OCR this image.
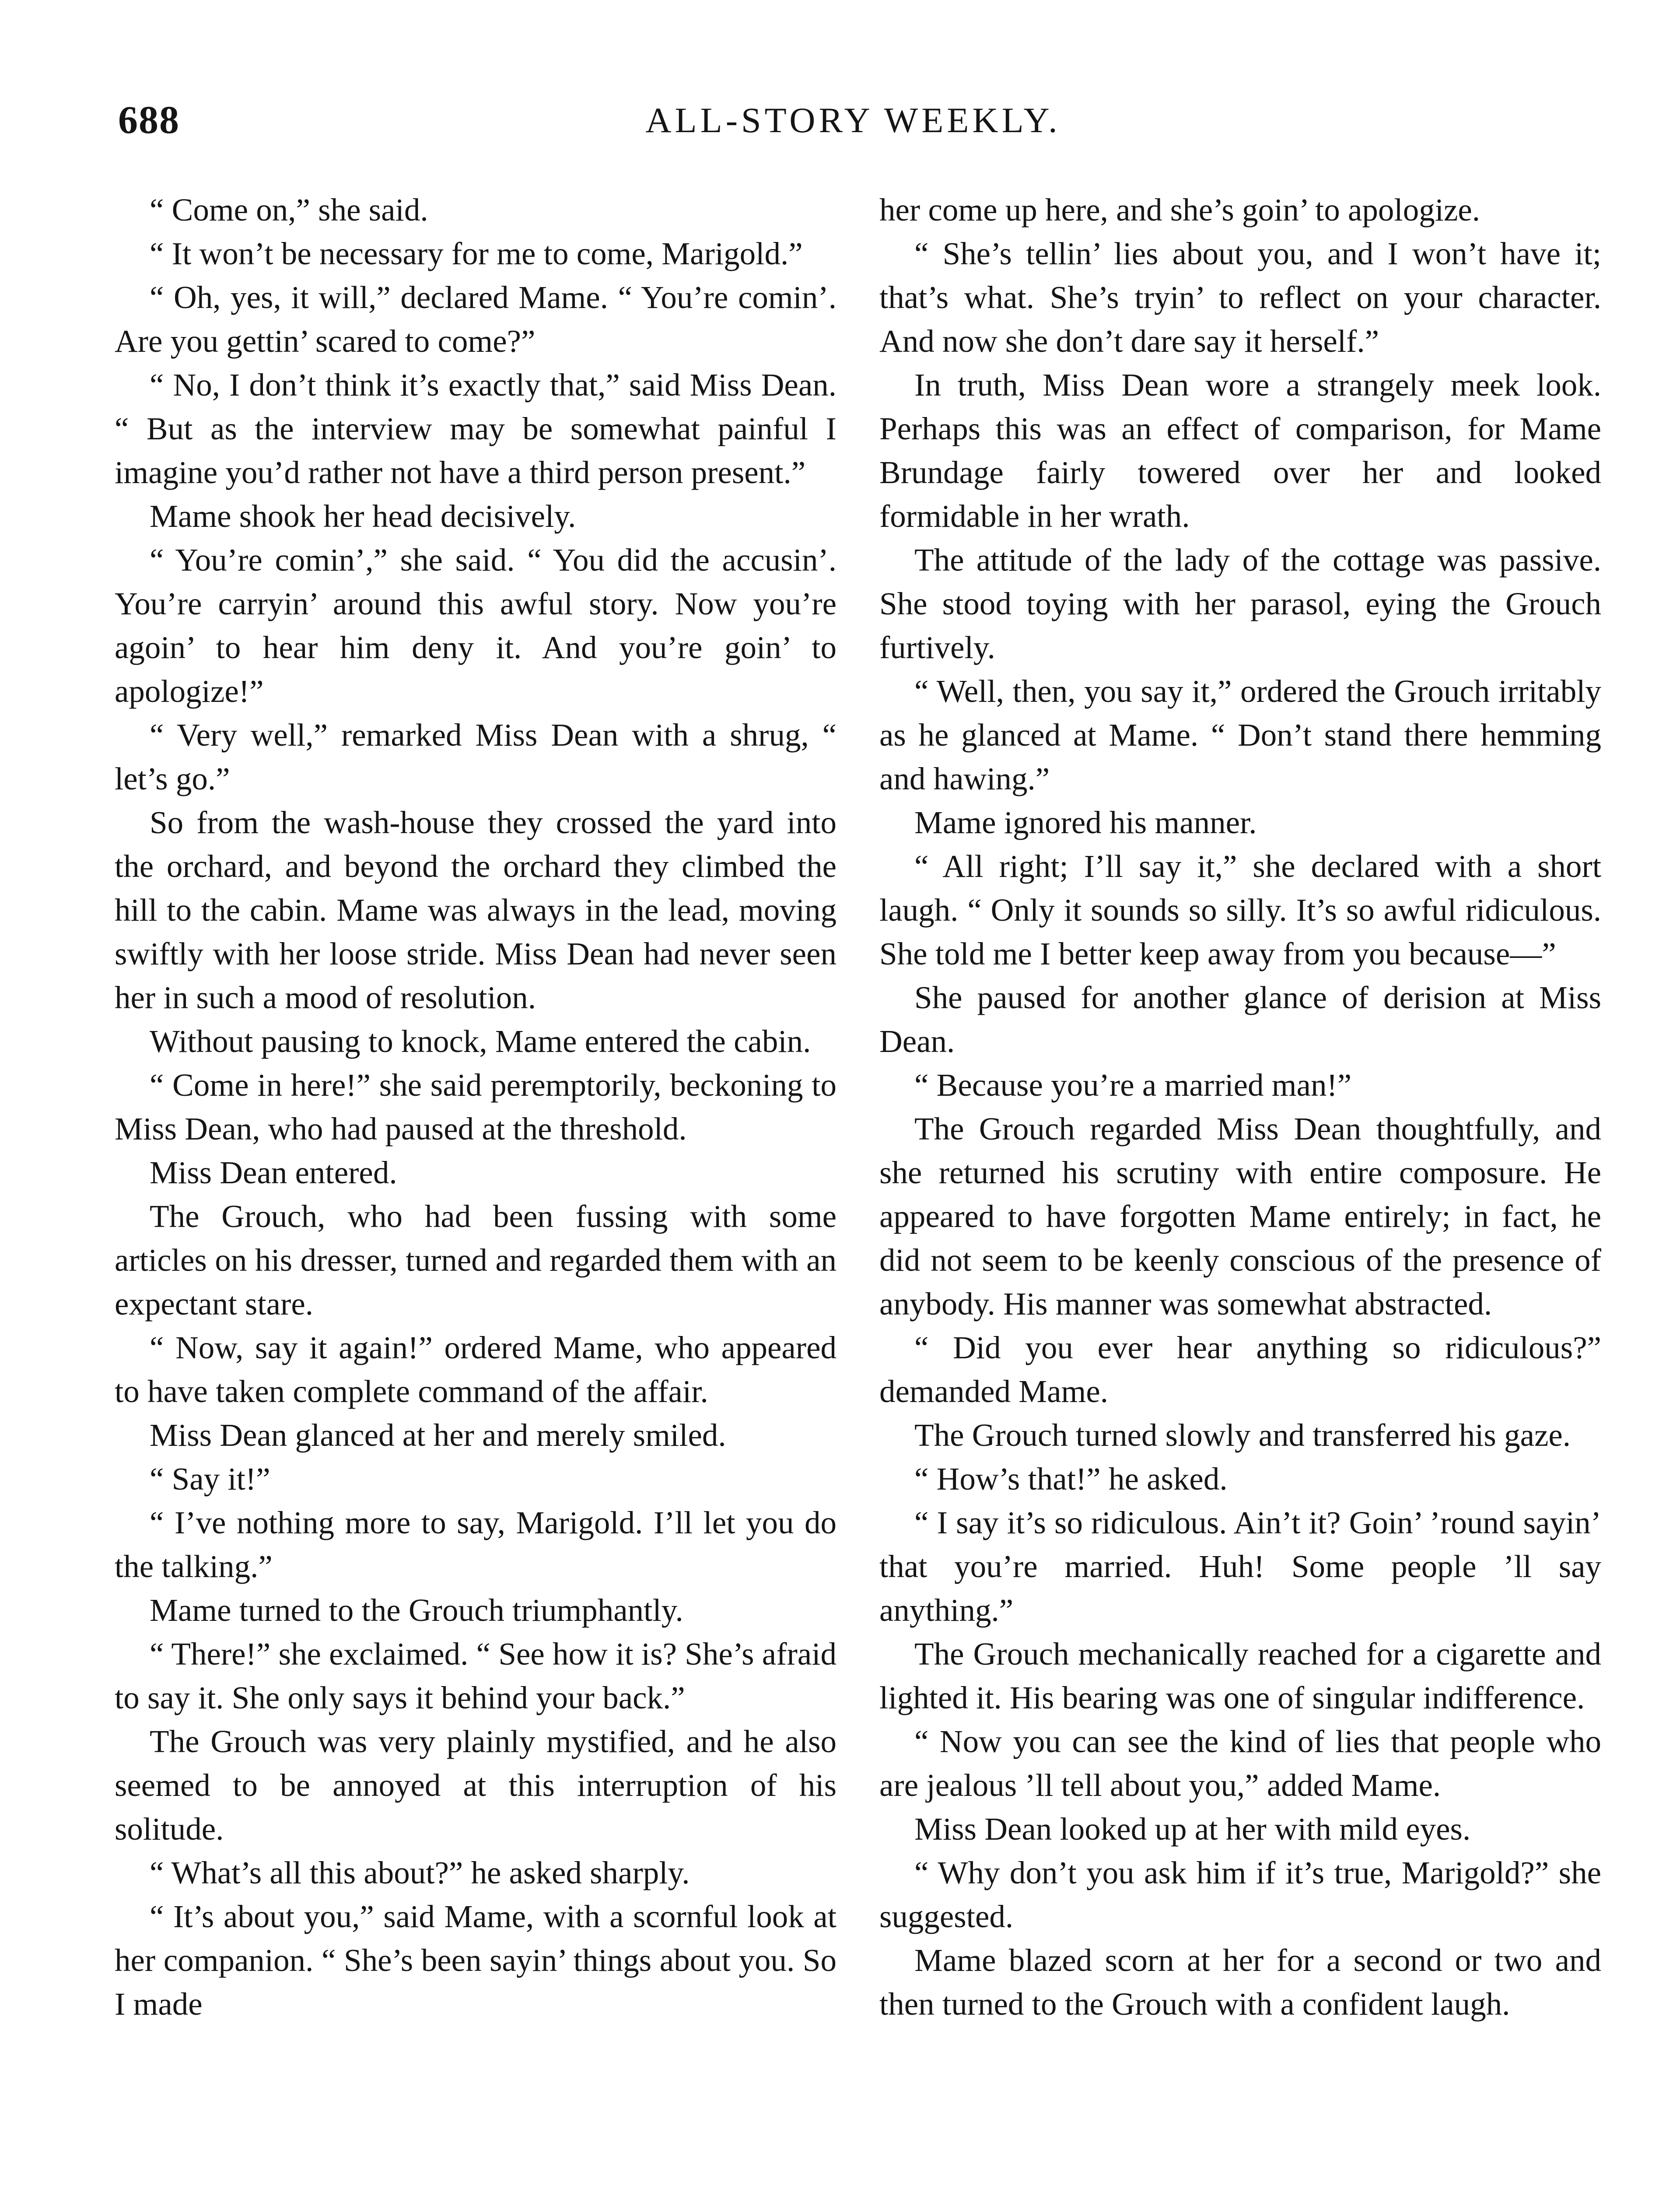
688	ALL-STORY WEEKLY.

“ Come on,” she said.

“ It won’t be necessary for me to come, Marigold.”

“ Oh, yes, it will,” declared Mame. “ You’re comin’. Are you gettin’ scared to come?”

“ No, I don’t think it’s exactly that,” said Miss Dean. “ But as the interview may be somewhat painful I imagine you’d rather not have a third person present.”

Mame shook her head decisively.

“ You’re comin’,” she said. “ You did the accusin’. You’re carryin’ around this awful story. Now you’re agoin’ to hear him deny it. And you’re goin’ to apologize!”

“ Very well,” remarked Miss Dean with a shrug, “ let’s go.”

So from the wash-house they crossed the yard into the orchard, and beyond the orchard they climbed the hill to the cabin. Mame was always in the lead, moving swiftly with her loose stride. Miss Dean had never seen her in such a mood of resolution.

Without pausing to knock, Mame entered the cabin.

“ Come in here!” she said peremptorily, beckoning to Miss Dean, who had paused at the threshold.

Miss Dean entered.

The Grouch, who had been fussing with some articles on his dresser, turned and regarded them with an expectant stare.

“ Now, say it again!” ordered Mame, who appeared to have taken complete command of the affair.

Miss Dean glanced at her and merely smiled.

“ Say it!”

“ I’ve nothing more to say, Marigold. I’ll let you do the talking.”

Mame turned to the Grouch triumphantly.

“ There!” she exclaimed. “ See how it is? She’s afraid to say it. She only says it behind your back.”

The Grouch was very plainly mystified, and he also seemed to be annoyed at this interruption of his solitude.

“ What’s all this about?” he asked sharply.

“ It’s about you,” said Mame, with a scornful look at her companion. “ She’s been sayin’ things about you. So I made

her come up here, and she’s goin’ to apologize.

“ She’s tellin’ lies about you, and I won’t have it; that’s what. She’s tryin’ to reflect on your character. And now she don’t dare say it herself.”

In truth, Miss Dean wore a strangely meek look. Perhaps this was an effect of comparison, for Mame Brundage fairly towered over her and looked formidable in her wrath.

The attitude of the lady of the cottage was passive. She stood toying with her parasol, eying the Grouch furtively.

“ Well, then, you say it,” ordered the Grouch irritably as he glanced at Mame. “ Don’t stand there hemming and hawing.”

Mame ignored his manner.

“ All right; I’ll say it,” she declared with a short laugh. “ Only it sounds so silly. It’s so awful ridiculous. She told me I better keep away from you because—”

She paused for another glance of derision at Miss Dean.

“ Because you’re a married man!”

The Grouch regarded Miss Dean thoughtfully, and she returned his scrutiny with entire composure. He appeared to have forgotten Mame entirely; in fact, he did not seem to be keenly conscious of the presence of anybody. His manner was somewhat abstracted.

“ Did you ever hear anything so ridiculous?” demanded Mame.

The Grouch turned slowly and transferred his gaze.

“ How’s that!” he asked.

“ I say it’s so ridiculous. Ain’t it? Goin’ ’round sayin’ that you’re married. Huh! Some people ’ll say anything.”

The Grouch mechanically reached for a cigarette and lighted it. His bearing was one of singular indifference.

“ Now you can see the kind of lies that people who are jealous ’ll tell about you,” added Mame.

Miss Dean looked up at her with mild eyes.

“ Why don’t you ask him if it’s true, Marigold?” she suggested.

Mame blazed scorn at her for a second or two and then turned to the Grouch with a confident laugh.
